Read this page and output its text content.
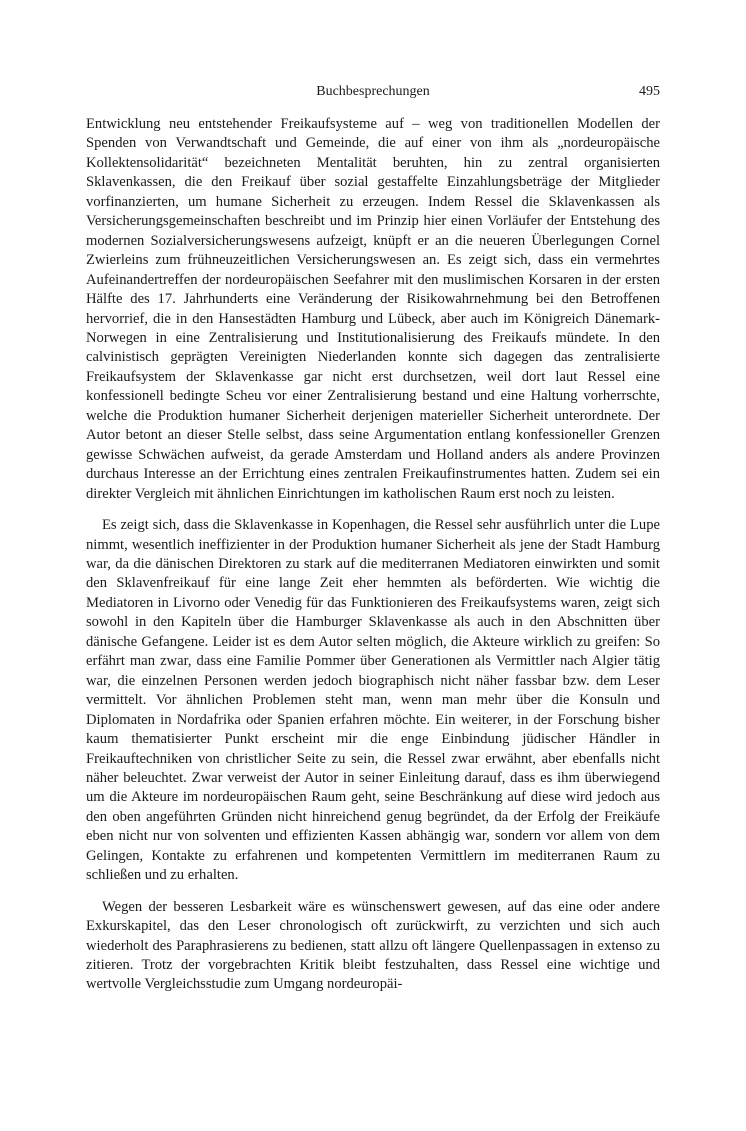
Buchbesprechungen	495

Entwicklung neu entstehender Freikaufsysteme auf – weg von traditionellen Modellen der Spenden von Verwandtschaft und Gemeinde, die auf einer von ihm als „nordeuropäische Kollektensolidarität“ bezeichneten Mentalität beruhten, hin zu zentral organisierten Sklavenkassen, die den Freikauf über sozial gestaffelte Einzahlungsbeträge der Mitglieder vorfinanzierten, um humane Sicherheit zu erzeugen. Indem Ressel die Sklavenkassen als Versicherungsgemeinschaften beschreibt und im Prinzip hier einen Vorläufer der Entstehung des modernen Sozialversicherungswesens aufzeigt, knüpft er an die neueren Überlegungen Cornel Zwierleins zum frühneuzeitlichen Versicherungswesen an. Es zeigt sich, dass ein vermehrtes Aufeinandertreffen der nordeuropäischen Seefahrer mit den muslimischen Korsaren in der ersten Hälfte des 17. Jahrhunderts eine Veränderung der Risikowahrnehmung bei den Betroffenen hervorrief, die in den Hansestädten Hamburg und Lübeck, aber auch im Königreich Dänemark-Norwegen in eine Zentralisierung und Institutionalisierung des Freikaufs mündete. In den calvinistisch geprägten Vereinigten Niederlanden konnte sich dagegen das zentralisierte Freikaufsystem der Sklavenkasse gar nicht erst durchsetzen, weil dort laut Ressel eine konfessionell bedingte Scheu vor einer Zentralisierung bestand und eine Haltung vorherrschte, welche die Produktion humaner Sicherheit derjenigen materieller Sicherheit unterordnete. Der Autor betont an dieser Stelle selbst, dass seine Argumentation entlang konfessioneller Grenzen gewisse Schwächen aufweist, da gerade Amsterdam und Holland anders als andere Provinzen durchaus Interesse an der Errichtung eines zentralen Freikaufinstrumentes hatten. Zudem sei ein direkter Vergleich mit ähnlichen Einrichtungen im katholischen Raum erst noch zu leisten.

Es zeigt sich, dass die Sklavenkasse in Kopenhagen, die Ressel sehr ausführlich unter die Lupe nimmt, wesentlich ineffizienter in der Produktion humaner Sicherheit als jene der Stadt Hamburg war, da die dänischen Direktoren zu stark auf die mediterranen Mediatoren einwirkten und somit den Sklavenfreikauf für eine lange Zeit eher hemmten als beförderten. Wie wichtig die Mediatoren in Livorno oder Venedig für das Funktionieren des Freikaufsystems waren, zeigt sich sowohl in den Kapiteln über die Hamburger Sklavenkasse als auch in den Abschnitten über dänische Gefangene. Leider ist es dem Autor selten möglich, die Akteure wirklich zu greifen: So erfährt man zwar, dass eine Familie Pommer über Generationen als Vermittler nach Algier tätig war, die einzelnen Personen werden jedoch biographisch nicht näher fassbar bzw. dem Leser vermittelt. Vor ähnlichen Problemen steht man, wenn man mehr über die Konsuln und Diplomaten in Nordafrika oder Spanien erfahren möchte. Ein weiterer, in der Forschung bisher kaum thematisierter Punkt erscheint mir die enge Einbindung jüdischer Händler in Freikauftechniken von christlicher Seite zu sein, die Ressel zwar erwähnt, aber ebenfalls nicht näher beleuchtet. Zwar verweist der Autor in seiner Einleitung darauf, dass es ihm überwiegend um die Akteure im nordeuropäischen Raum geht, seine Beschränkung auf diese wird jedoch aus den oben angeführten Gründen nicht hinreichend genug begründet, da der Erfolg der Freikäufe eben nicht nur von solventen und effizienten Kassen abhängig war, sondern vor allem von dem Gelingen, Kontakte zu erfahrenen und kompetenten Vermittlern im mediterranen Raum zu schließen und zu erhalten.

Wegen der besseren Lesbarkeit wäre es wünschenswert gewesen, auf das eine oder andere Exkurskapitel, das den Leser chronologisch oft zurückwirft, zu verzichten und sich auch wiederholt des Paraphrasierens zu bedienen, statt allzu oft längere Quellenpassagen in extenso zu zitieren. Trotz der vorgebrachten Kritik bleibt festzuhalten, dass Ressel eine wichtige und wertvolle Vergleichsstudie zum Umgang nordeuropäi-
